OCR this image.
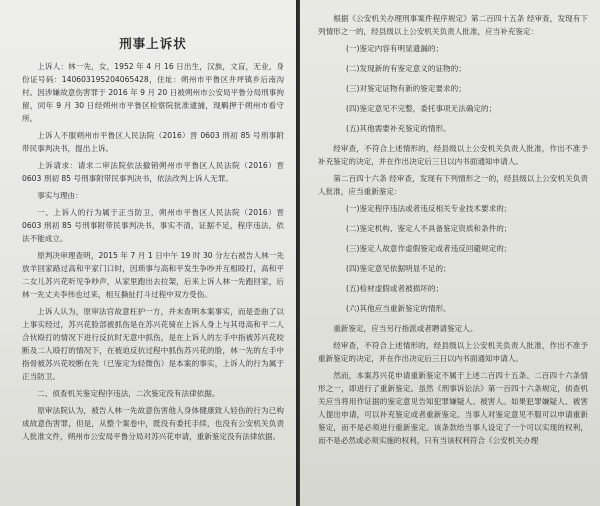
刑事上诉状

上诉人：林一先，女，1952 年 4 月 16 日出生，汉族，文盲，无业，身份证号码：140603195204065428，住址：朔州市平鲁区井坪镇乡后南沟村。因涉嫌故意伤害罪于 2016 年 9 月 20 日被朔州市公安局平鲁分局刑事拘留，同年 9 月 30 日经朔州市平鲁区检察院批准逮捕，现羁押于朔州市看守所。

上诉人不服朔州市平鲁区人民法院（2016）晋 0603 刑初 85 号刑事附带民事判决书，提出上诉。

上诉请求：请求二审法院依法撤销朔州市平鲁区人民法院（2016）晋 0603 刑初 85 号刑事附带民事判决书，依法改判上诉人无罪。

事实与理由：

一、上诉人的行为属于正当防卫，朔州市平鲁区人民法院（2016）晋 0603 刑初 85 号刑事附带民事判决书，事实不清，证据不足，程序违法，依法不能成立。

原判决审理查明，2015 年 7 月 1 日中午 19 时 30 分左右被告人林一先放羊回家路过高和平家门口时，因琐事与高和平发生争吵并互相殴打，高和平二女儿苏兴花听见争吵声，从家里跑出去拉架，后来上诉人林一先跑回家，后林一先丈夫李伟也过来，相互撕扯打斗过程中双方受伤。

上诉人认为，原审法官故意枉护一方，并未查明本案事实，而是歪曲了以上事实经过，苏兴花脸部被抓伤是在苏兴花骑在上诉人身上与其母高和平二人合伙殴打的情况下进行反抗时无意中抓伤，是在上诉人的左手中指被苏兴花咬断及二人殴打的情况下，在被迫反抗过程中抓伤苏兴花的脸，林一先的左手中指骨被苏兴花咬断在先（已鉴定为轻微伤）是本案的事实，上诉人的行为属于正当防卫。

二、侦查机关鉴定程序违法，二次鉴定没有法律依据。

原审法院认为，被告人林一先故意伤害他人身体健康致人轻伤的行为已构成故意伤害罪，但是，从整个案卷中，既没有委托手续，也没有公安机关负责人批准文件，朔州市公安局平鲁分局对苏兴花申请，重新鉴定没有法律依据。

根据《公安机关办理刑事案件程序规定》第二百四十五条 经审查，发现有下列情形之一的，经县级以上公安机关负责人批准，应当补充鉴定：

(一)鉴定内容有明显遗漏的；
(二)发现新的有鉴定意义的证物的；
(三)对鉴定证物有新的鉴定要求的；
(四)鉴定意见不完整，委托事项无法确定的；
(五)其他需要补充鉴定的情形。

经审查，不符合上述情形的，经县级以上公安机关负责人批准，作出不准予补充鉴定的决定，并在作出决定后三日以内书面通知申请人。

第二百四十六条 经审查，发现有下列情形之一的，经县级以上公安机关负责人批准，应当重新鉴定：

(一)鉴定程序违法或者违反相关专业技术要求的；
(二)鉴定机构、鉴定人不具备鉴定资质和条件的；
(三)鉴定人故意作虚假鉴定或者违反回避规定的；
(四)鉴定意见依据明显不足的；
(五)检材虚假或者被损坏的；
(六)其他应当重新鉴定的情形。

重新鉴定，应当另行指派或者聘请鉴定人。

经审查，不符合上述情形的，经县级以上公安机关负责人批准，作出不准予重新鉴定的决定，并在作出决定后三日以内书面通知申请人。

然而，本案苏兴花申请重新鉴定不属于上述二百四十五条、二百四十六条情形之一，即进行了重新鉴定。虽然《刑事诉讼法》第一百四十六条规定，侦查机关应当将用作证据的鉴定意见告知犯罪嫌疑人、被害人。如果犯罪嫌疑人、被害人提出申请，可以补充鉴定或者重新鉴定。当事人对鉴定意见不服可以申请重新鉴定，而不是必须进行重新鉴定。该条款给当事人设定了一个可以实现的权利，而不是必然或必须实施的权利，只有当该权利符合《公安机关办理
